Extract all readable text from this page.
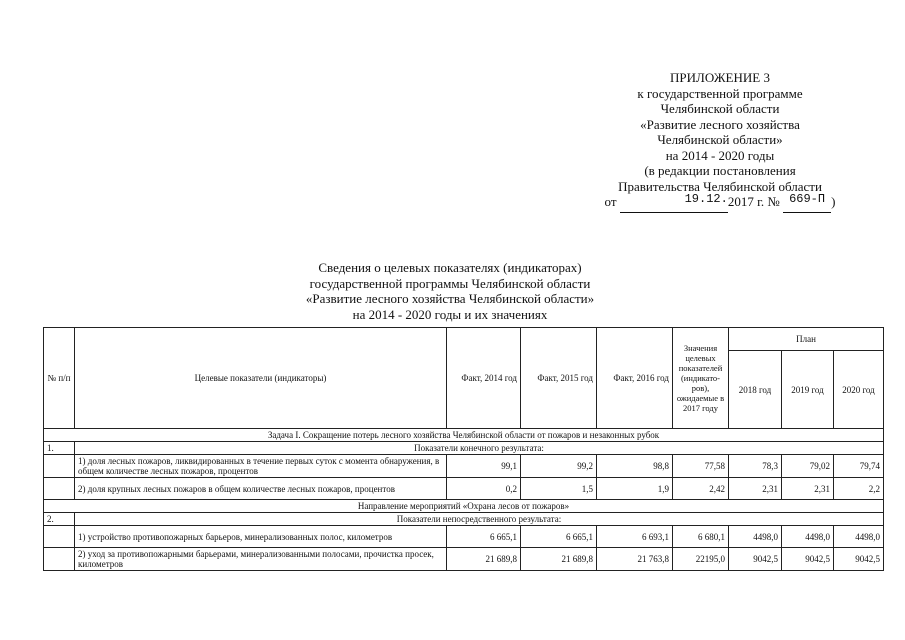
ПРИЛОЖЕНИЕ 3
к государственной программе
Челябинской области
«Развитие лесного хозяйства
Челябинской области»
на 2014 - 2020 годы
(в редакции постановления
Правительства Челябинской области
от	19.12.2017 г. № 669-П )
Сведения о целевых показателях (индикаторах)
государственной программы Челябинской области
«Развитие лесного хозяйства Челябинской области»
на 2014 - 2020 годы и их значениях
№ п/п	Целевые показатели (индикаторы)	Факт, 2014 год	Факт, 2015 год	Факт, 2016 год	Значения целевых показателей (индикато-ров), ожидаемые в 2017 году	План		
						2018 год	2019 год	2020 год
Задача I. Сокращение потерь лесного хозяйства Челябинской области от пожаров и незаконных рубок								
1.	Показатели конечного результата:							
	1) доля лесных пожаров, ликвидированных в течение первых суток с момента обнаружения, в общем количестве лесных пожаров, процентов	99,1	99,2	98,8	77,58	78,3	79,02	79,74
	2) доля крупных лесных пожаров в общем количестве лесных пожаров, процентов	0,2	1,5	1,9	2,42	2,31	2,31	2,2
Направление мероприятий «Охрана лесов от пожаров»								
2.	Показатели непосредственного результата:							
	1) устройство противопожарных барьеров, минерализованных полос, километров	6 665,1	6 665,1	6 693,1	6 680,1	4498,0	4498,0	4498,0
	2) уход за противопожарными барьерами, минерализованными полосами, прочистка просек, километров	21 689,8	21 689,8	21 763,8	22195,0	9042,5	9042,5	9042,5
